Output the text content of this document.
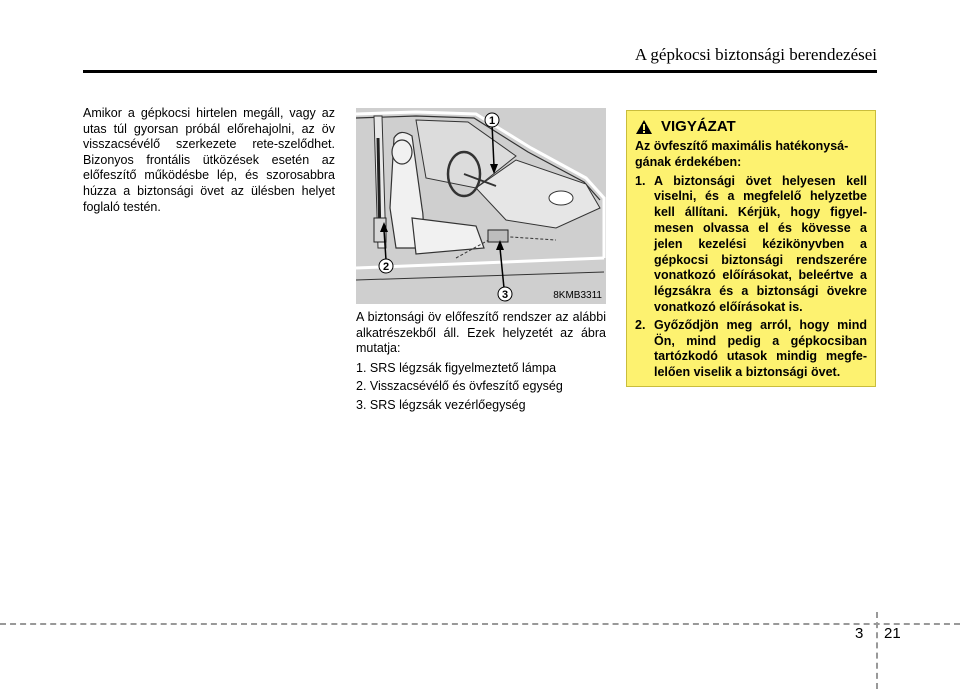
A gépkocsi biztonsági berendezései
Amikor a gépkocsi hirtelen megáll, vagy az utas túl gyorsan próbál előrehajolni, az öv visszacsévélő szerkezete rete-szelődhet. Bizonyos frontális ütközések esetén az előfeszítő működésbe lép, és szorosabbra húzza a biztonsági övet az ülésben helyet foglaló testén.
1
2
3	8KMB3311

A biztonsági öv előfeszítő rendszer az alábbi alkatrészekből áll. Ezek helyzetét az ábra mutatja:

1. SRS légzsák figyelmeztető lámpa
2. Visszacsévélő és övfeszítő egység
3. SRS légzsák vezérlőegység
VIGYÁZAT
Az övfeszítő maximális hatékonysá-gának érdekében:
1. A biztonsági övet helyesen kell viselni, és a megfelelő helyzetbe kell állítani. Kérjük, hogy figyel-mesen olvassa el és kövesse a jelen kezelési kézikönyvben a gépkocsi biztonsági rendszerére vonatkozó előírásokat, beleértve a légzsákra és a biztonsági övekre vonatkozó előírásokat is.
2. Győződjön meg arról, hogy mind Ön, mind pedig a gépkocsiban tartózkodó utasok mindig megfe-lelően viselik a biztonsági övet.
3 21
